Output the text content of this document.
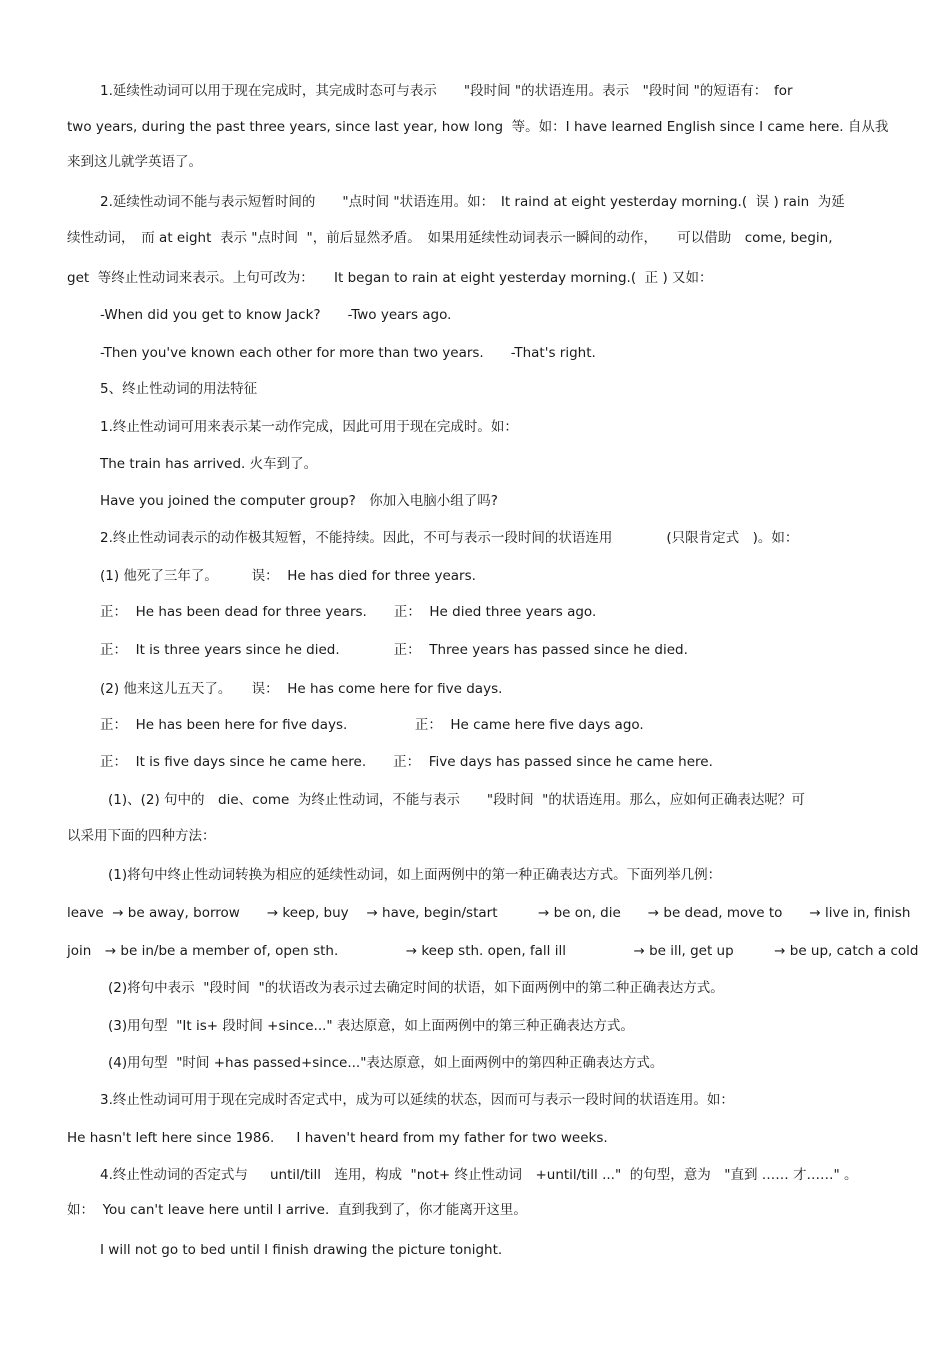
1.延续性动词可以用于现在完成时，其完成时态可与表示　　"段时间 "的状语连用。表示　"段时间 "的短语有：　for

two years, during the past three years, since last year, how long  等。如：I have learned English since I came here. 自从我

来到这儿就学英语了。

2.延续性动词不能与表示短暂时间的　　"点时间 "状语连用。如：　It raind at eight yesterday morning.(  误 ) rain  为延

续性动词，　而 at eight  表示 "点时间  "，前后显然矛盾。　如果用延续性动词表示一瞬间的动作，　　可以借助　come, begin,

get  等终止性动词来表示。上句可改为：　　It began to rain at eight yesterday morning.(  正 ) 又如：

-When did you get to know Jack?　　-Two years ago.

-Then you've known each other for more than two years.　　-That's right.

5、终止性动词的用法特征

1.终止性动词可用来表示某一动作完成，因此可用于现在完成时。如：

The train has arrived. 火车到了。

Have you joined the computer group?　你加入电脑小组了吗?

2.终止性动词表示的动作极其短暂，不能持续。因此，不可与表示一段时间的状语连用　　　　(只限肯定式　)。如：

(1) 他死了三年了。　　　误：  He has died for three years.

正：  He has been dead for three years.　　正：  He died three years ago.

正：  It is three years since he died.　　　　正：  Three years has passed since he died.

(2) 他来这儿五天了。　　误：  He has come here for five days.

正：  He has been here for five days.　　　　　正：  He came here five days ago.

正：  It is five days since he came here.　　正：  Five days has passed since he came here.

(1)、(2) 句中的　die、come  为终止性动词，不能与表示　　"段时间  "的状语连用。那么，应如何正确表达呢？可

以采用下面的四种方法：

(1)将句中终止性动词转换为相应的延续性动词，如上面两例中的第一种正确表达方式。下面列举几例：

leave  → be away, borrow　　→ keep, buy　 → have, begin/start　　　→ be on, die　　→ be dead, move to　　→ live in, finish

join　→ be in/be a member of, open sth.　　　　　→ keep sth. open, fall ill　　　　　→ be ill, get up　　　→ be up, catch a cold

(2)将句中表示  "段时间  "的状语改为表示过去确定时间的状语，如下面两例中的第二种正确表达方式。

(3)用句型  "It is+ 段时间 +since..." 表达原意，如上面两例中的第三种正确表达方式。

(4)用句型  "时间 +has passed+since..."表达原意，如上面两例中的第四种正确表达方式。

3.终止性动词可用于现在完成时否定式中，成为可以延续的状态，因而可与表示一段时间的状语连用。如：

He hasn't left here since 1986.　  I haven't heard from my father for two weeks.

4.终止性动词的否定式与　  until/till　连用，构成  "not+ 终止性动词　+until/till ..."  的句型，意为　"直到 …… 才……" 。

如：  You can't leave here until I arrive.  直到我到了，你才能离开这里。

I will not go to bed until I finish drawing the picture tonight.
